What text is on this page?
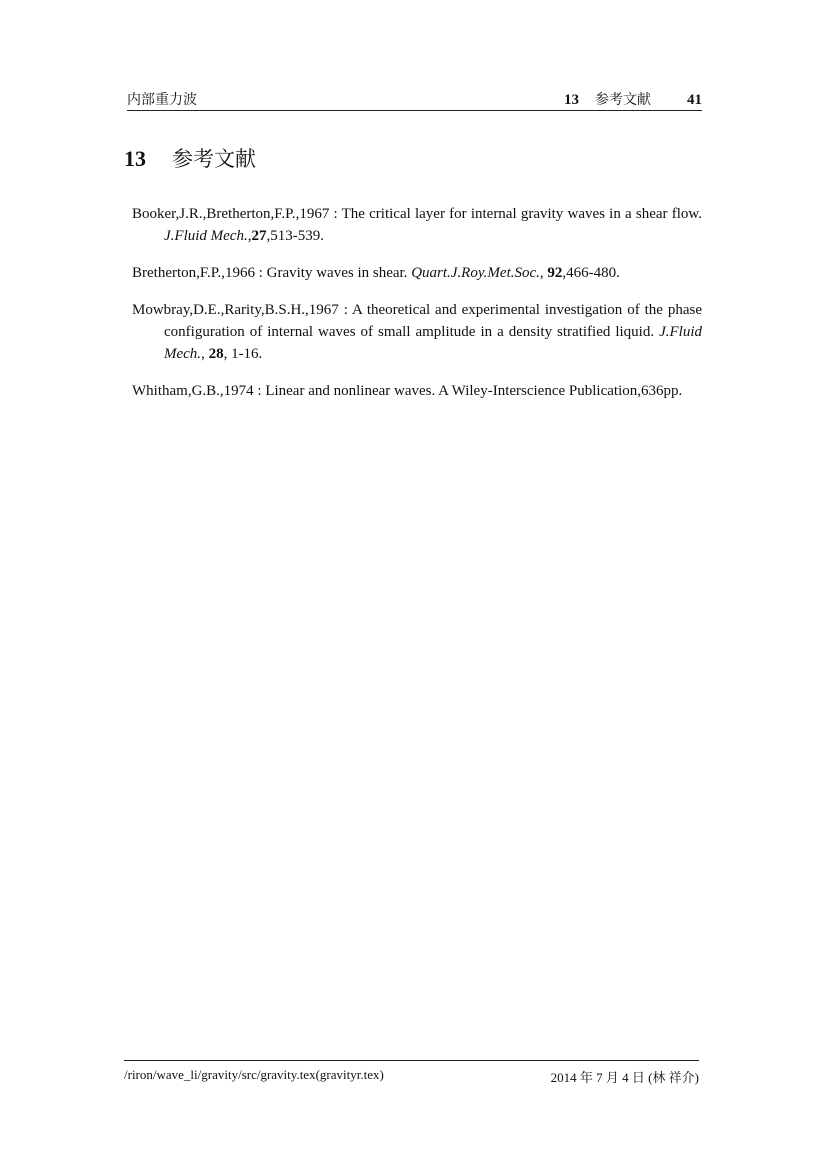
内部重力波	13 参考文献 41
13 参考文献

Booker,J.R.,Bretherton,F.P.,1967 : The critical layer for internal gravity waves in a shear flow. J.Fluid Mech.,27,513-539.

Bretherton,F.P.,1966 : Gravity waves in shear. Quart.J.Roy.Met.Soc., 92,466-480.

Mowbray,D.E.,Rarity,B.S.H.,1967 : A theoretical and experimental investigation of the phase configuration of internal waves of small amplitude in a density stratified liquid. J.Fluid Mech., 28, 1-16.

Whitham,G.B.,1974 : Linear and nonlinear waves. A Wiley-Interscience Publication,636pp.

/riron/wave_li/gravity/src/gravity.tex(gravityr.tex)	2014 年 7 月 4 日 (林 祥介)
